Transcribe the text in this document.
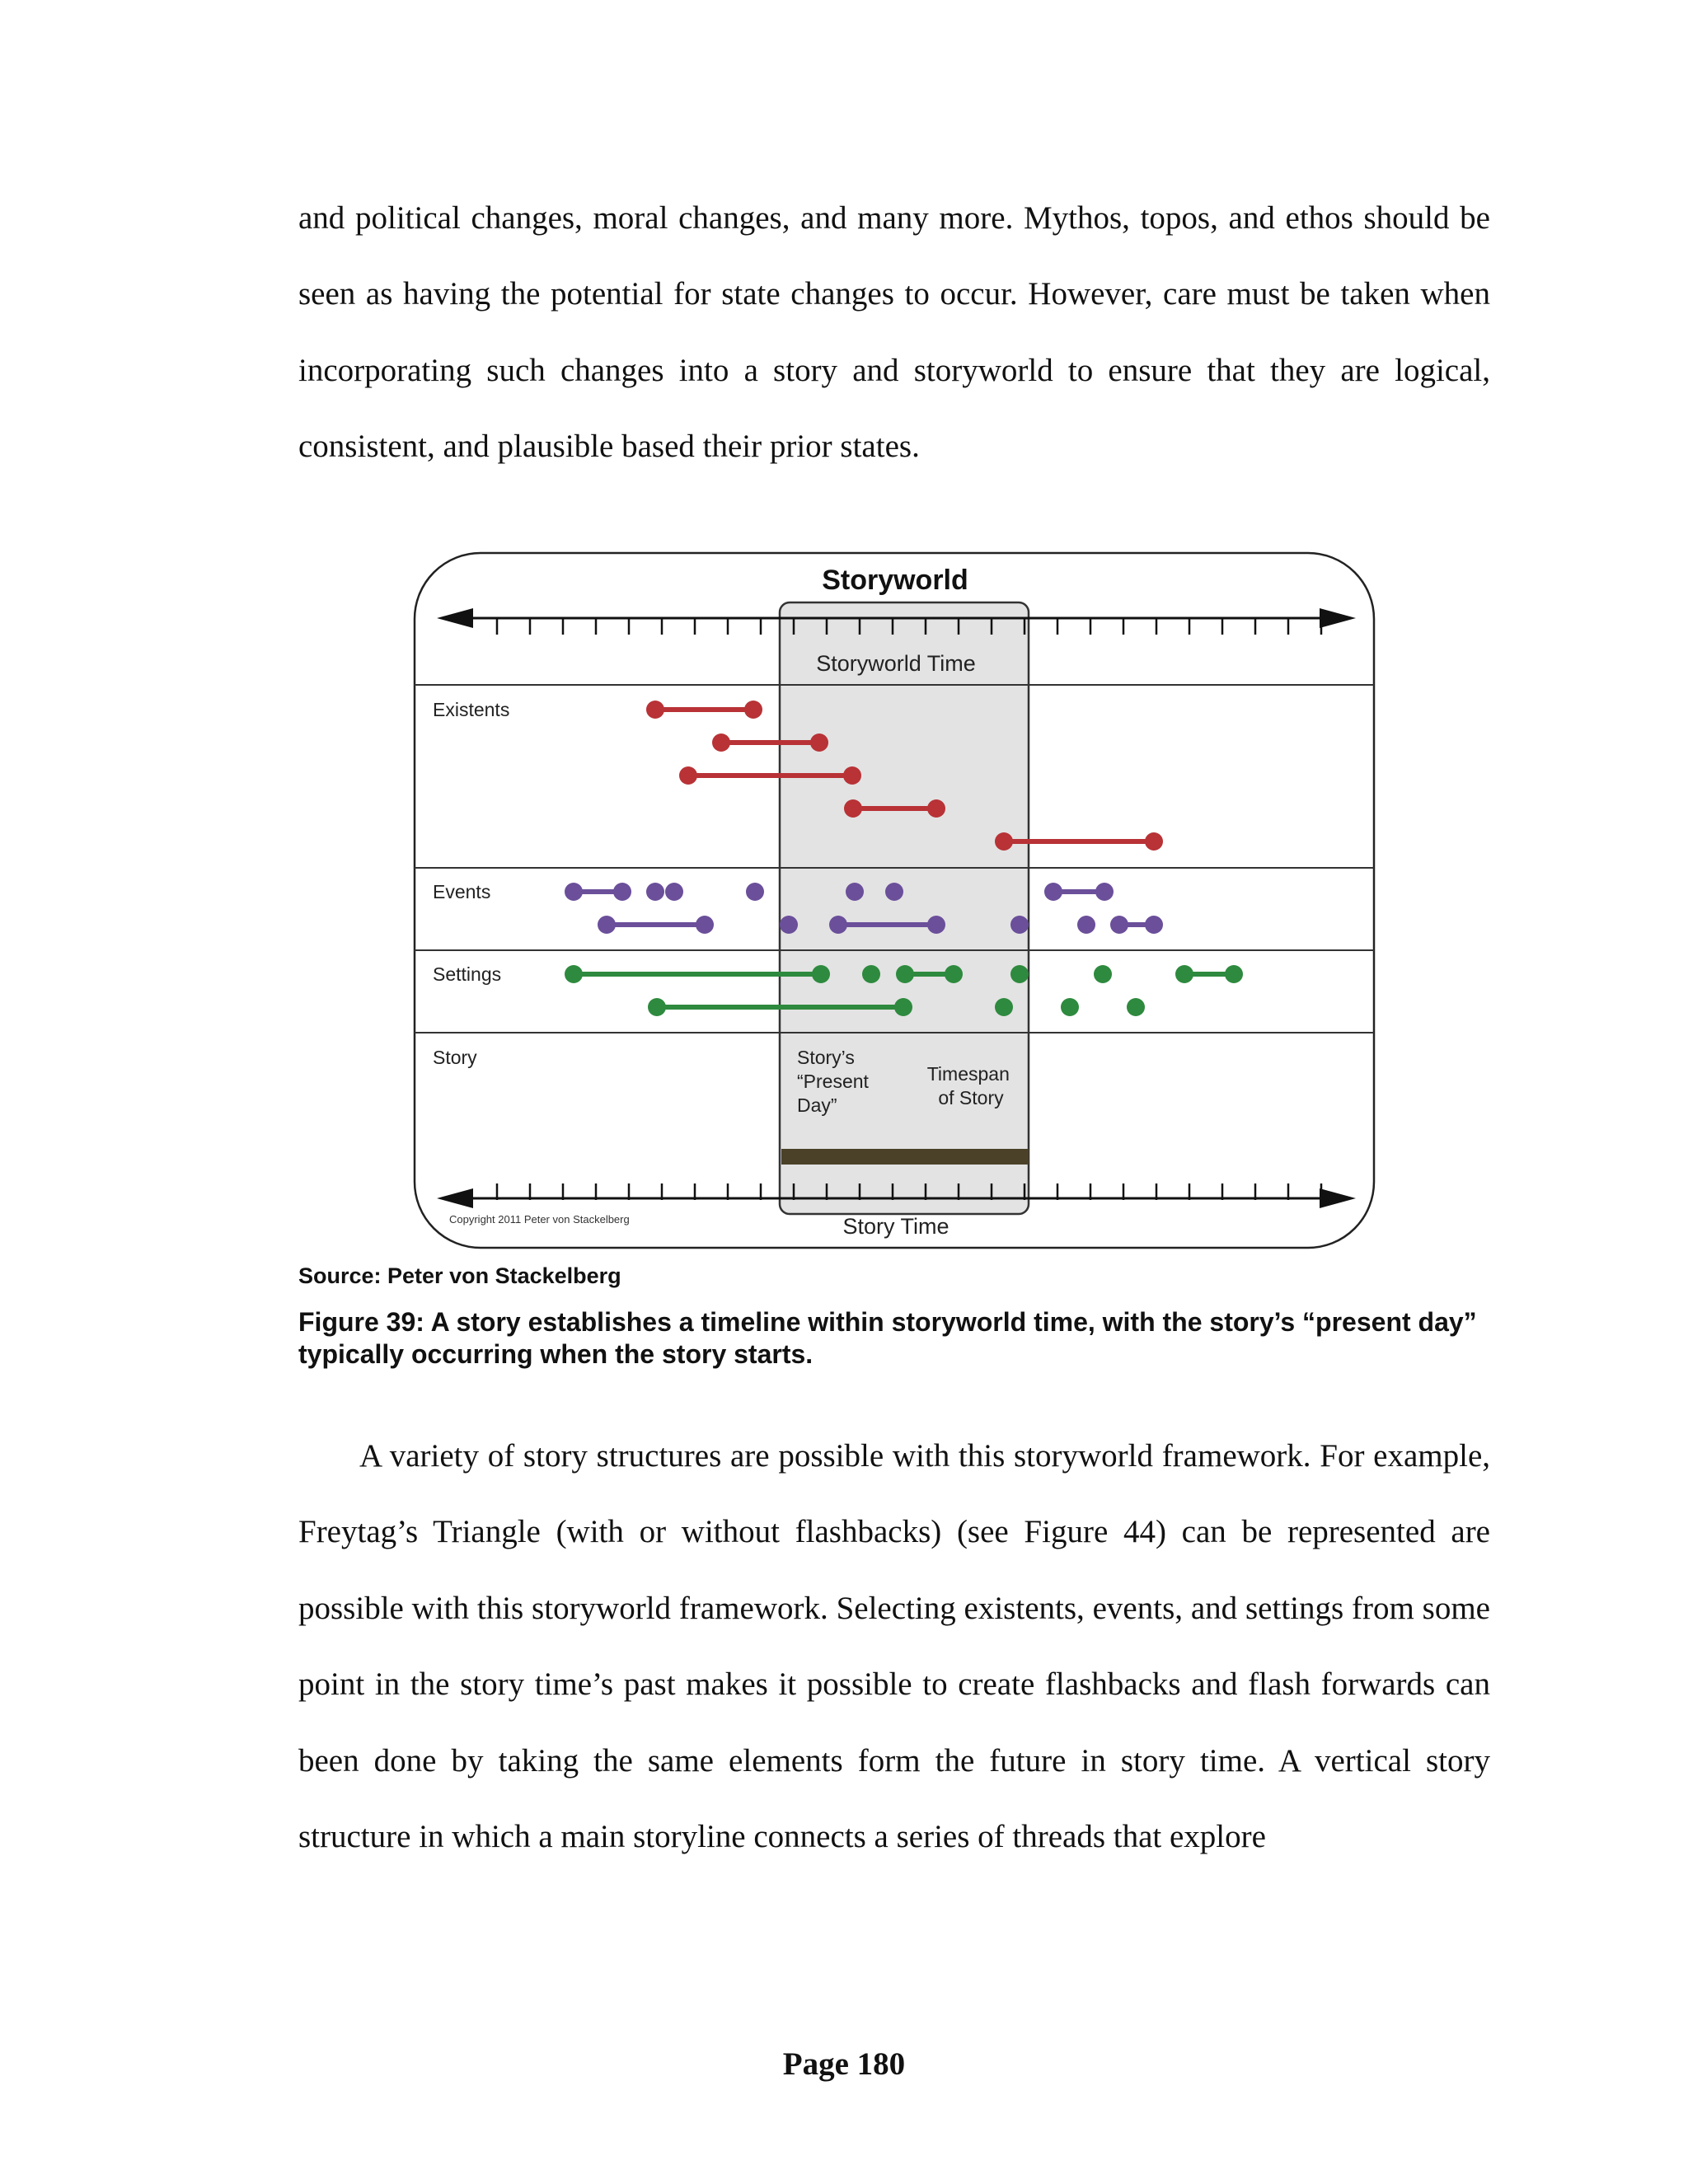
and political changes, moral changes, and many more. Mythos, topos, and ethos should be seen as having the potential for state changes to occur. However, care must be taken when incorporating such changes into a story and storyworld to ensure that they are logical, consistent, and plausible based their prior states.

Storyworld
Storyworld Time
Story Time
Copyright 2011 Peter von Stackelberg
Existents
Events
Settings
Story	Story’s “Present Day”
Timespan of Story
Source: Peter von Stackelberg
Figure 39: A story establishes a timeline within storyworld time, with the story’s “present day” typically occurring when the story starts.

A variety of story structures are possible with this storyworld framework. For example, Freytag’s Triangle (with or without flashbacks) (see Figure 44) can be represented are possible with this storyworld framework. Selecting existents, events, and settings from some point in the story time’s past makes it possible to create flashbacks and flash forwards can been done by taking the same elements form the future in story time. A vertical story structure in which a main storyline connects a series of threads that explore

Page 180
